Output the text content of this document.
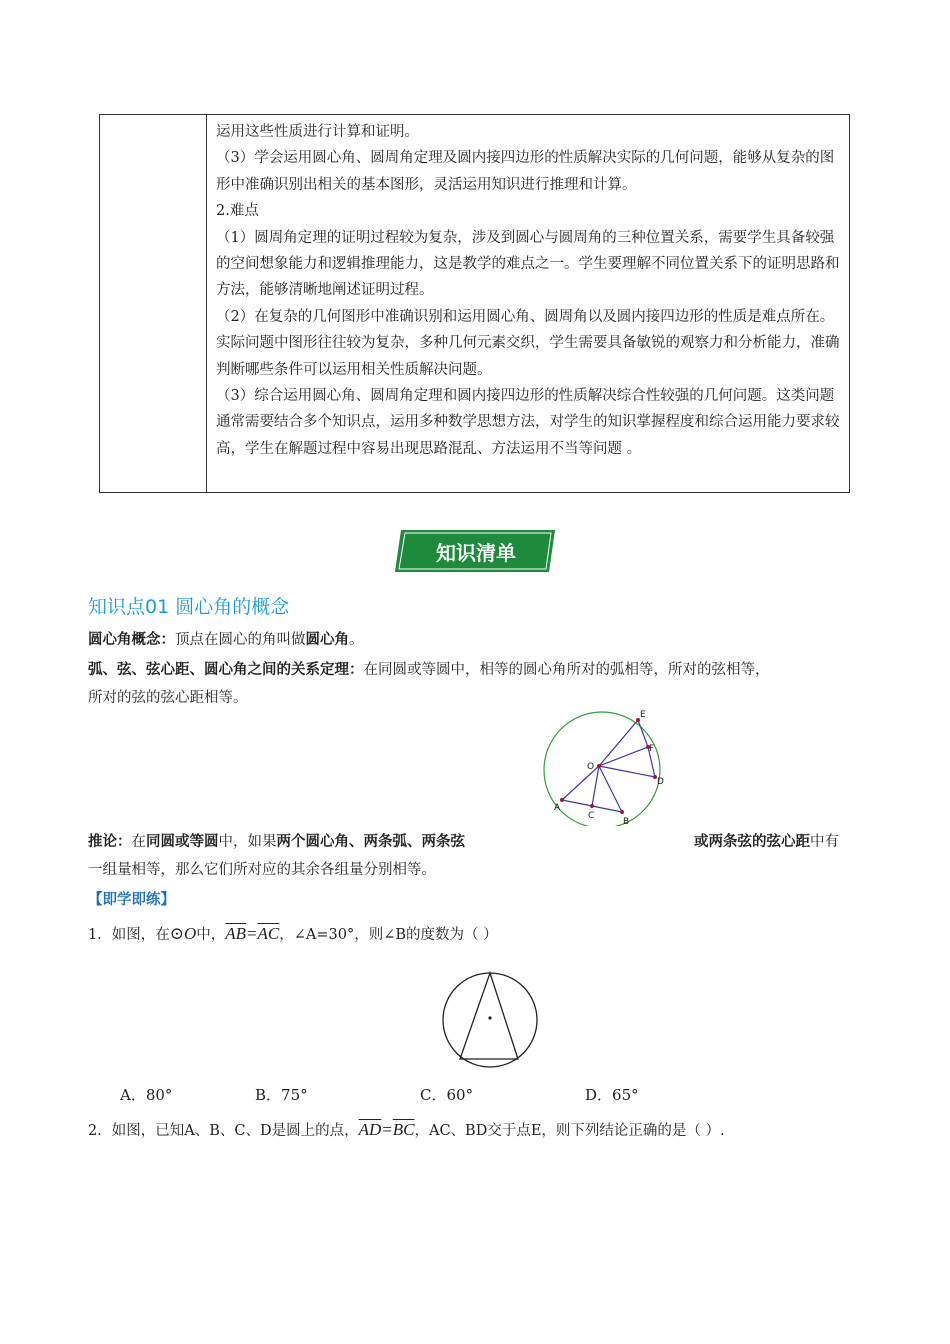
运用这些性质进行计算和证明。

（3）学会运用圆心角、圆周角定理及圆内接四边形的性质解决实际的几何问题，能够从复杂的图形中准确识别出相关的基本图形，灵活运用知识进行推理和计算。

2.难点

（1）圆周角定理的证明过程较为复杂，涉及到圆心与圆周角的三种位置关系，需要学生具备较强的空间想象能力和逻辑推理能力，这是教学的难点之一。学生要理解不同位置关系下的证明思路和方法，能够清晰地阐述证明过程。

（2）在复杂的几何图形中准确识别和运用圆心角、圆周角以及圆内接四边形的性质是难点所在。实际问题中图形往往较为复杂，多种几何元素交织，学生需要具备敏锐的观察力和分析能力，准确判断哪些条件可以运用相关性质解决问题。

（3）综合运用圆心角、圆周角定理和圆内接四边形的性质解决综合性较强的几何问题。这类问题通常需要结合多个知识点，运用多种数学思想方法，对学生的知识掌握程度和综合运用能力要求较高，学生在解题过程中容易出现思路混乱、方法运用不当等问题 。

知识清单
知识点01 圆心角的概念
圆心角概念：顶点在圆心的角叫做圆心角。
弧、弦、弦心距、圆心角之间的关系定理：在同圆或等圆中，相等的圆心角所对的弧相等，所对的弦相等，
所对的弦的弦心距相等。
E
F
O
D
A
C
B
推论：在同圆或等圆中，如果两个圆心角、两条弧、两条弦	或两条弦的弦心距中有
一组量相等，那么它们所对应的其余各组量分别相等。
【即学即练】
1．如图，在⊙O中，$\overline{AB}=\overline{AC}$，∠A=30°，则∠B的度数为（ ）
A．80°	B．75°	C．60°	D．65°
2．如图，已知A、B、C、D是圆上的点，$\overline{AD}=\overline{BC}$，AC、BD交于点E，则下列结论正确的是（ ）.
